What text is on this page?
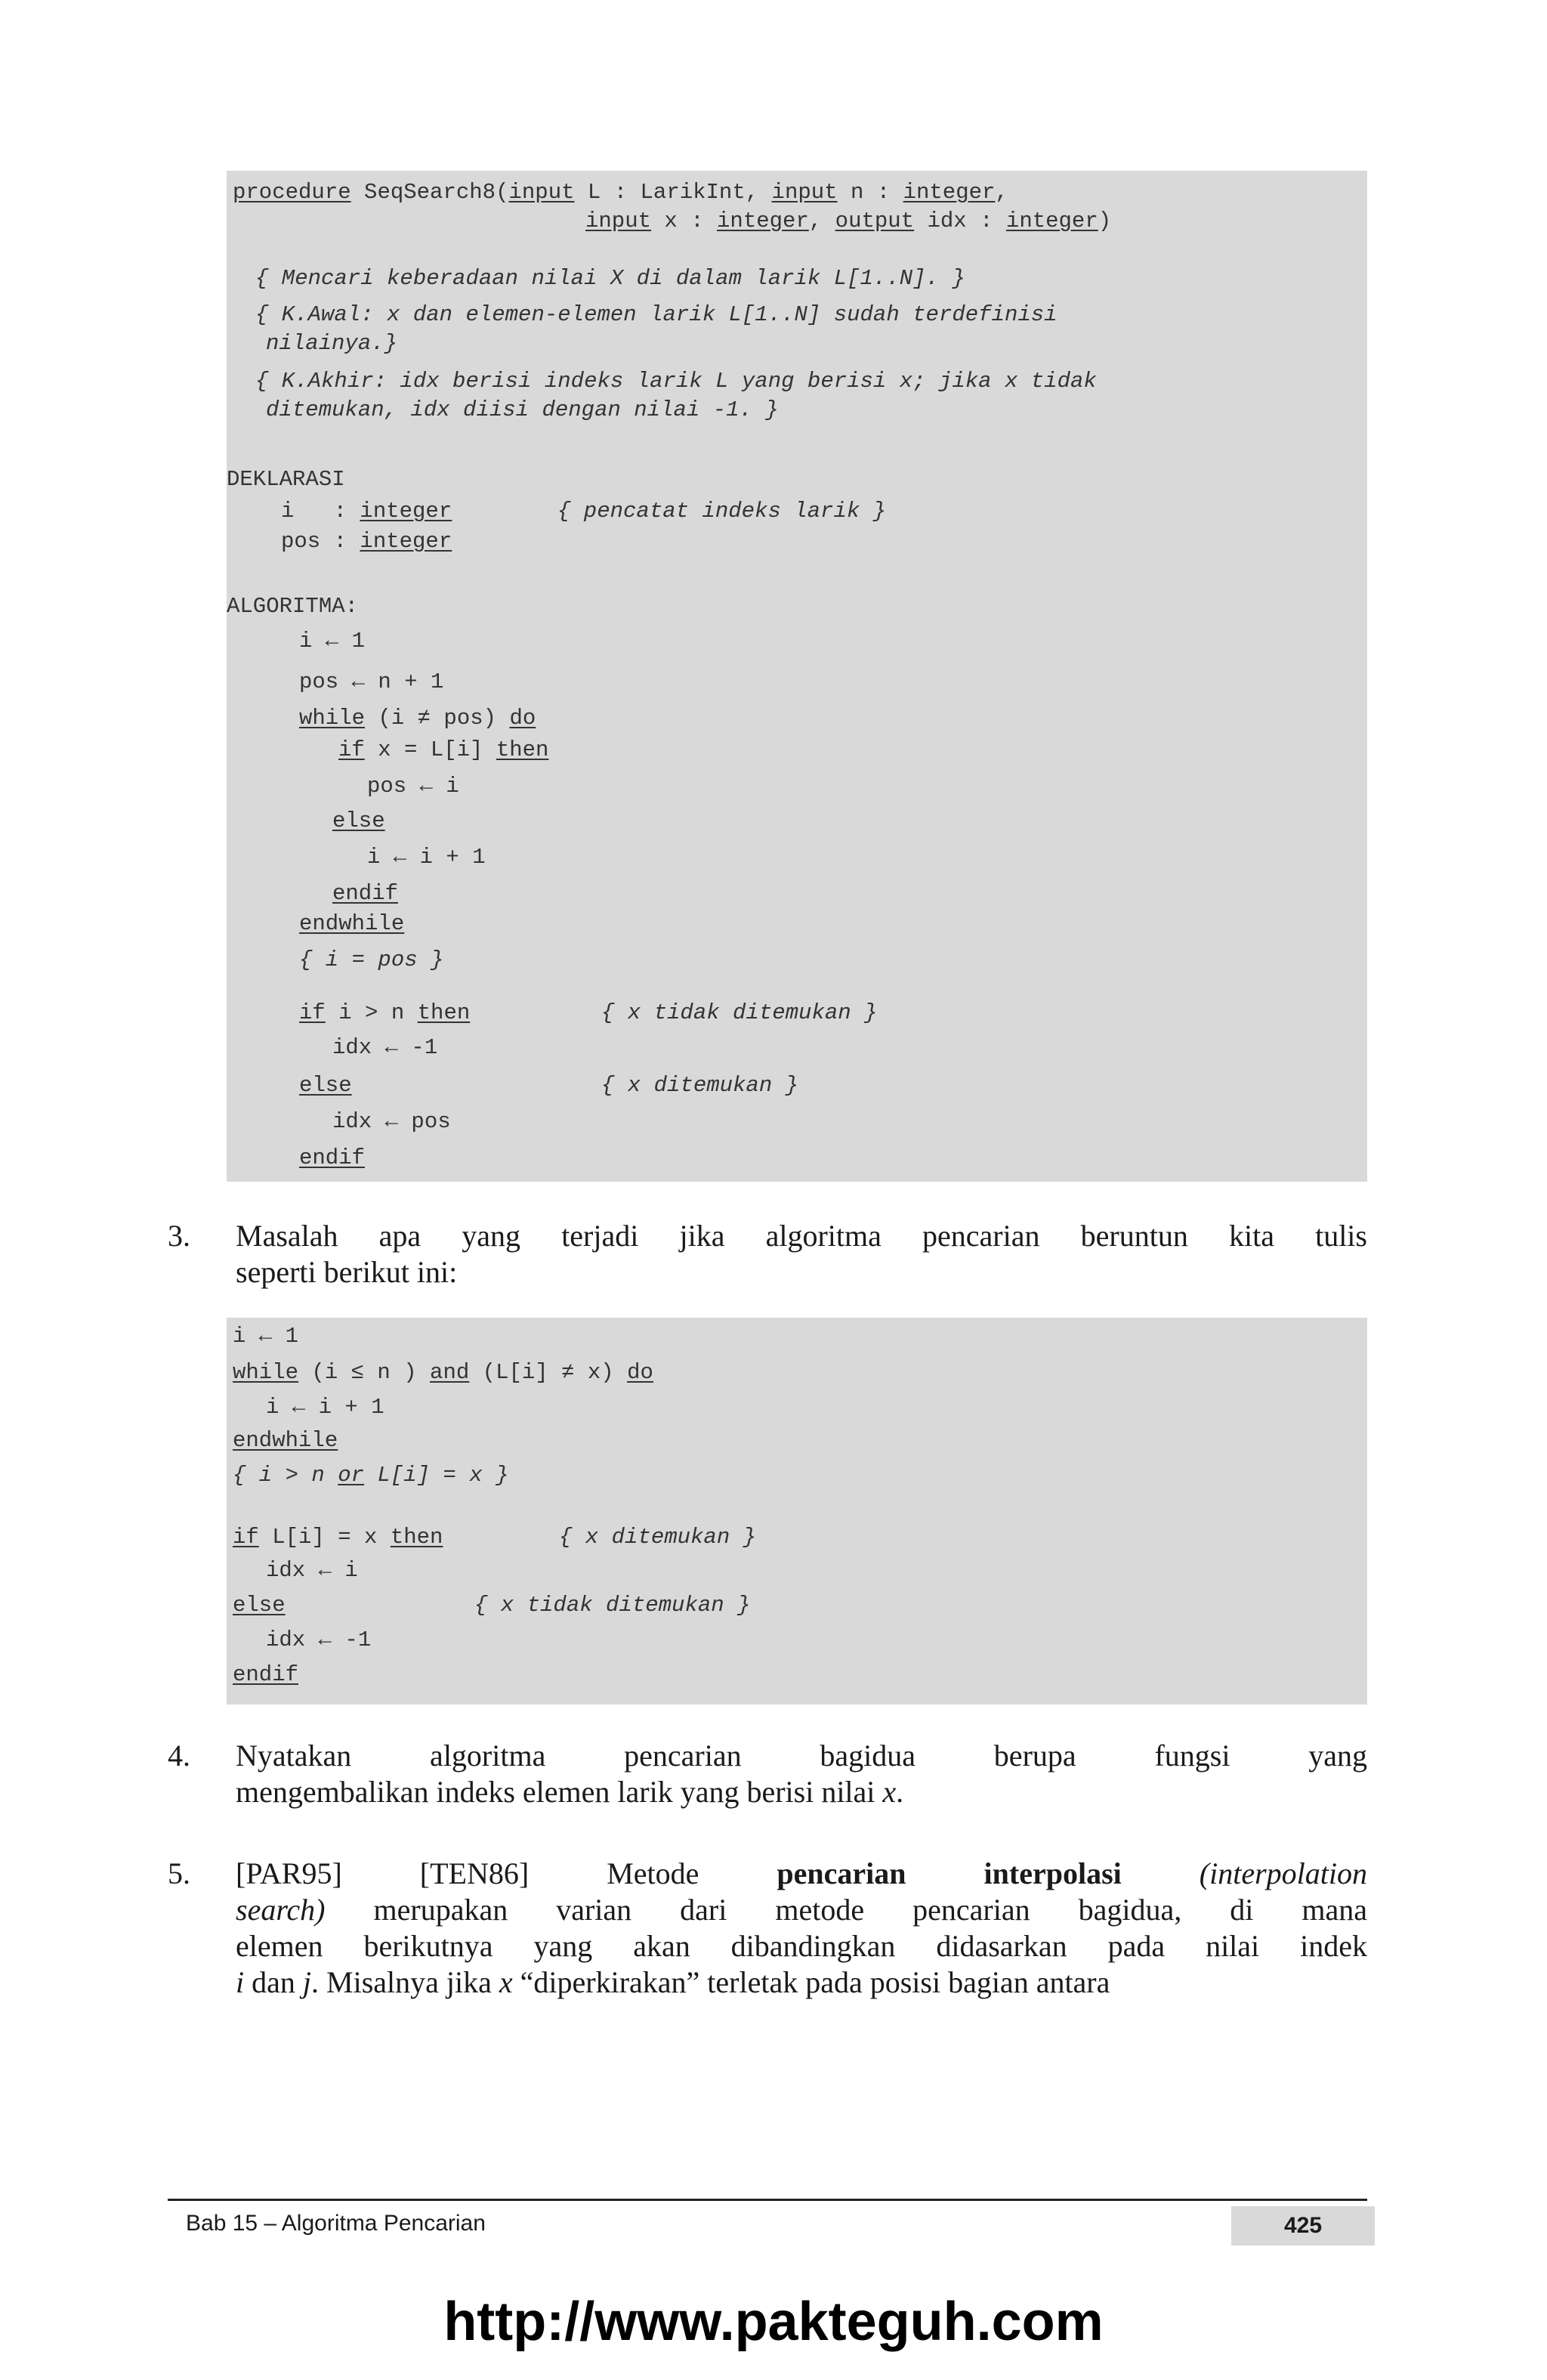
procedure SeqSearch8(input L : LarikInt, input n : integer,
input x : integer, output idx : integer)
{ Mencari keberadaan nilai X di dalam larik L[1..N]. }
{ K.Awal: x dan elemen-elemen larik L[1..N] sudah terdefinisi
nilainya.}
{ K.Akhir: idx berisi indeks larik L yang berisi x; jika x tidak
ditemukan, idx diisi dengan nilai -1. }
DEKLARASI
i   : integer	{ pencatat indeks larik }
pos : integer
ALGORITMA:
i ← 1
pos ← n + 1
while (i ≠ pos) do
if x = L[i] then
pos ← i
else
i ← i + 1
endif
endwhile
{ i = pos }
if i > n then	{ x tidak ditemukan }
idx ← -1
else	{ x ditemukan }
idx ← pos
endif
3. Masalah apa yang terjadi jika algoritma pencarian beruntun kita tulis
seperti berikut ini:
i ← 1
while (i ≤ n ) and (L[i] ≠ x) do
i ← i + 1
endwhile
{ i > n or L[i] = x }
if L[i] = x then	{ x ditemukan }
idx ← i
else	{ x tidak ditemukan }
idx ← -1
endif
4. Nyatakan algoritma pencarian bagidua berupa fungsi yang
mengembalikan indeks elemen larik yang berisi nilai x.
5. [PAR95] [TEN86] Metode pencarian interpolasi (interpolation
search) merupakan varian dari metode pencarian bagidua, di mana
elemen berikutnya yang akan dibandingkan didasarkan pada nilai indek
i dan j. Misalnya jika x “diperkirakan” terletak pada posisi bagian antara
Bab 15 – Algoritma Pencarian	425
http://www.pakteguh.com
